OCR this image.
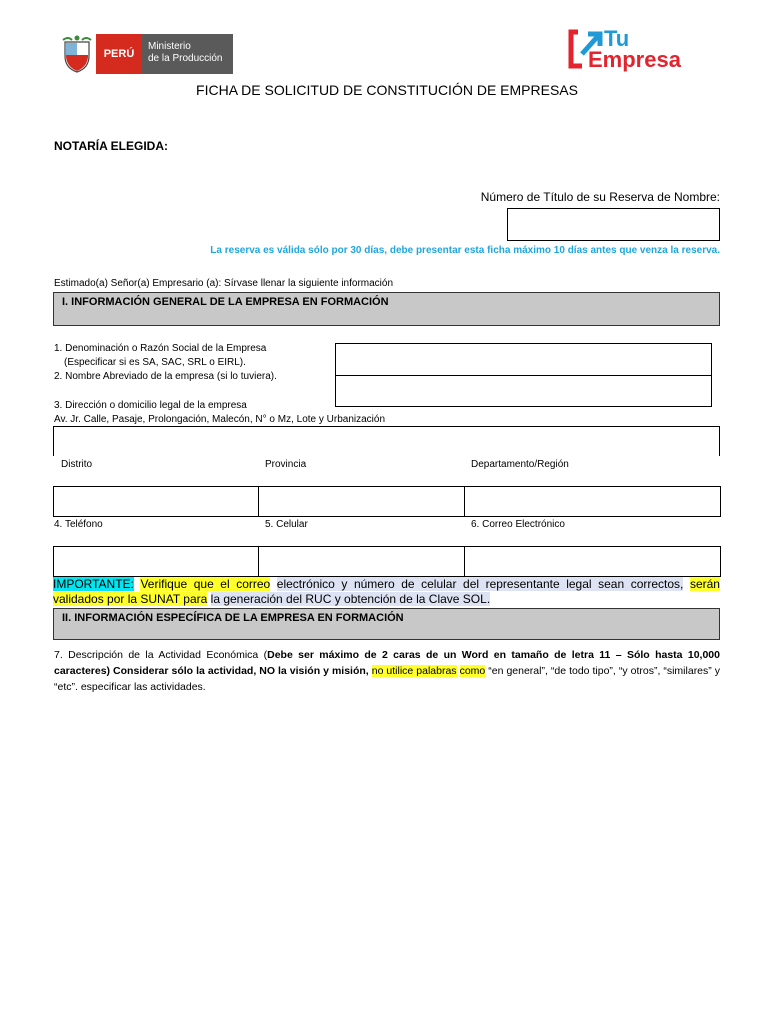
PERÚ
Ministerio
de la Producción
Tu
Empresa
FICHA DE SOLICITUD DE CONSTITUCIÓN DE EMPRESAS
NOTARÍA ELEGIDA:
Número de Título de su Reserva de Nombre:
La reserva es válida sólo por 30 días, debe presentar esta ficha máximo 10 días antes que venza la reserva.
Estimado(a) Señor(a) Empresario (a): Sírvase llenar la siguiente información
I. INFORMACIÓN GENERAL DE LA EMPRESA EN FORMACIÓN
1. Denominación o Razón Social de la Empresa
(Especificar si es SA, SAC, SRL o EIRL).
2. Nombre Abreviado de la empresa (si lo tuviera).
3. Dirección o domicilio legal de la empresa
Av. Jr. Calle, Pasaje, Prolongación, Malecón, N° o Mz, Lote y Urbanización
Distrito	Provincia	Departamento/Región
4. Teléfono	5. Celular	6. Correo Electrónico
IMPORTANTE: Verifique que el correo electrónico y número de celular del representante legal sean correctos, serán validados por la SUNAT para la generación del RUC y obtención de la Clave SOL.
II. INFORMACIÓN ESPECÍFICA DE LA EMPRESA EN FORMACIÓN
7. Descripción de la Actividad Económica (Debe ser máximo de 2 caras de un Word en tamaño de letra 11 – Sólo hasta 10,000 caracteres) Considerar sólo la actividad, NO la visión y misión, no utilice palabras como “en general”, “de todo tipo”, “y otros”, “similares” y “etc”. especificar las actividades.
